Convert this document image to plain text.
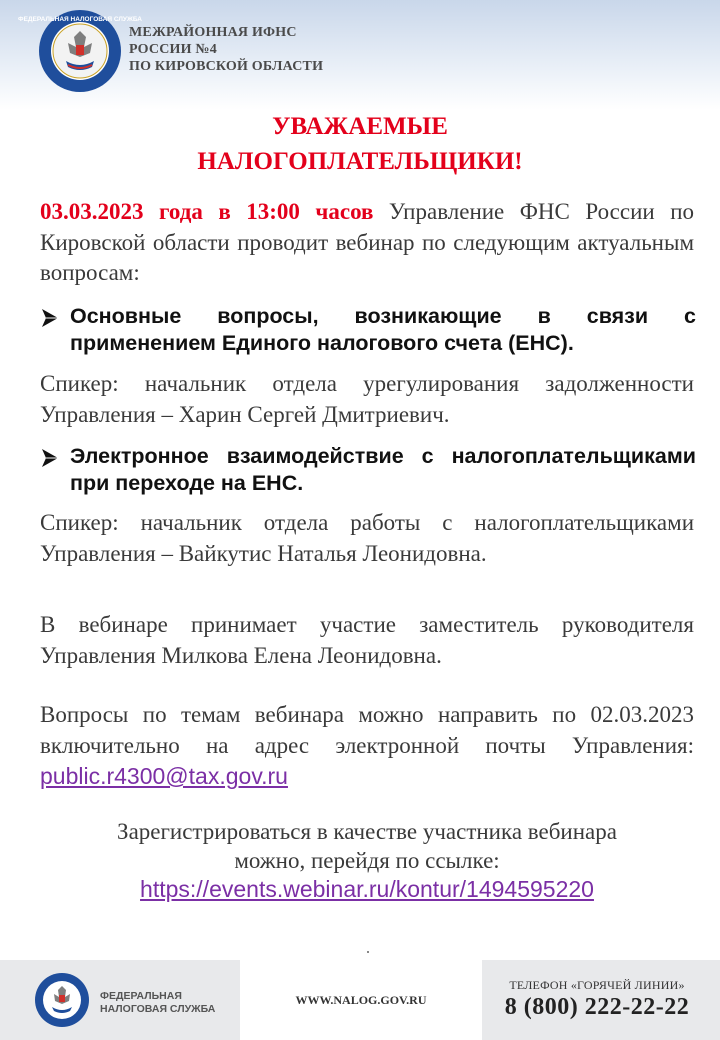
ФЕДЕРАЛЬНАЯ НАЛОГОВАЯ СЛУЖБА
МЕЖРАЙОННАЯ ИФНС
РОССИИ №4
ПО КИРОВСКОЙ ОБЛАСТИ
УВАЖАЕМЫЕ
НАЛОГОПЛАТЕЛЬЩИКИ!
03.03.2023 года в 13:00 часов Управление ФНС России по Кировской области проводит вебинар по следующим актуальным вопросам:
Основные вопросы, возникающие в связи с применением Единого налогового счета (ЕНС).
Спикер: начальник отдела урегулирования задолженности Управления – Харин Сергей Дмитриевич.
Электронное взаимодействие с налогоплательщиками при переходе на ЕНС.
Спикер: начальник отдела работы с налогоплательщиками Управления – Вайкутис Наталья Леонидовна.
В вебинаре принимает участие заместитель руководителя Управления Милкова Елена Леонидовна.
Вопросы по темам вебинара можно направить по 02.03.2023 включительно на адрес электронной почты Управления: public.r4300@tax.gov.ru
Зарегистрироваться в качестве участника вебинара
можно, перейдя по ссылке:
https://events.webinar.ru/kontur/1494595220
ФЕДЕРАЛЬНАЯ
НАЛОГОВАЯ СЛУЖБА
WWW.NALOG.GOV.RU
ТЕЛЕФОН «ГОРЯЧЕЙ ЛИНИИ»
8 (800) 222-22-22
